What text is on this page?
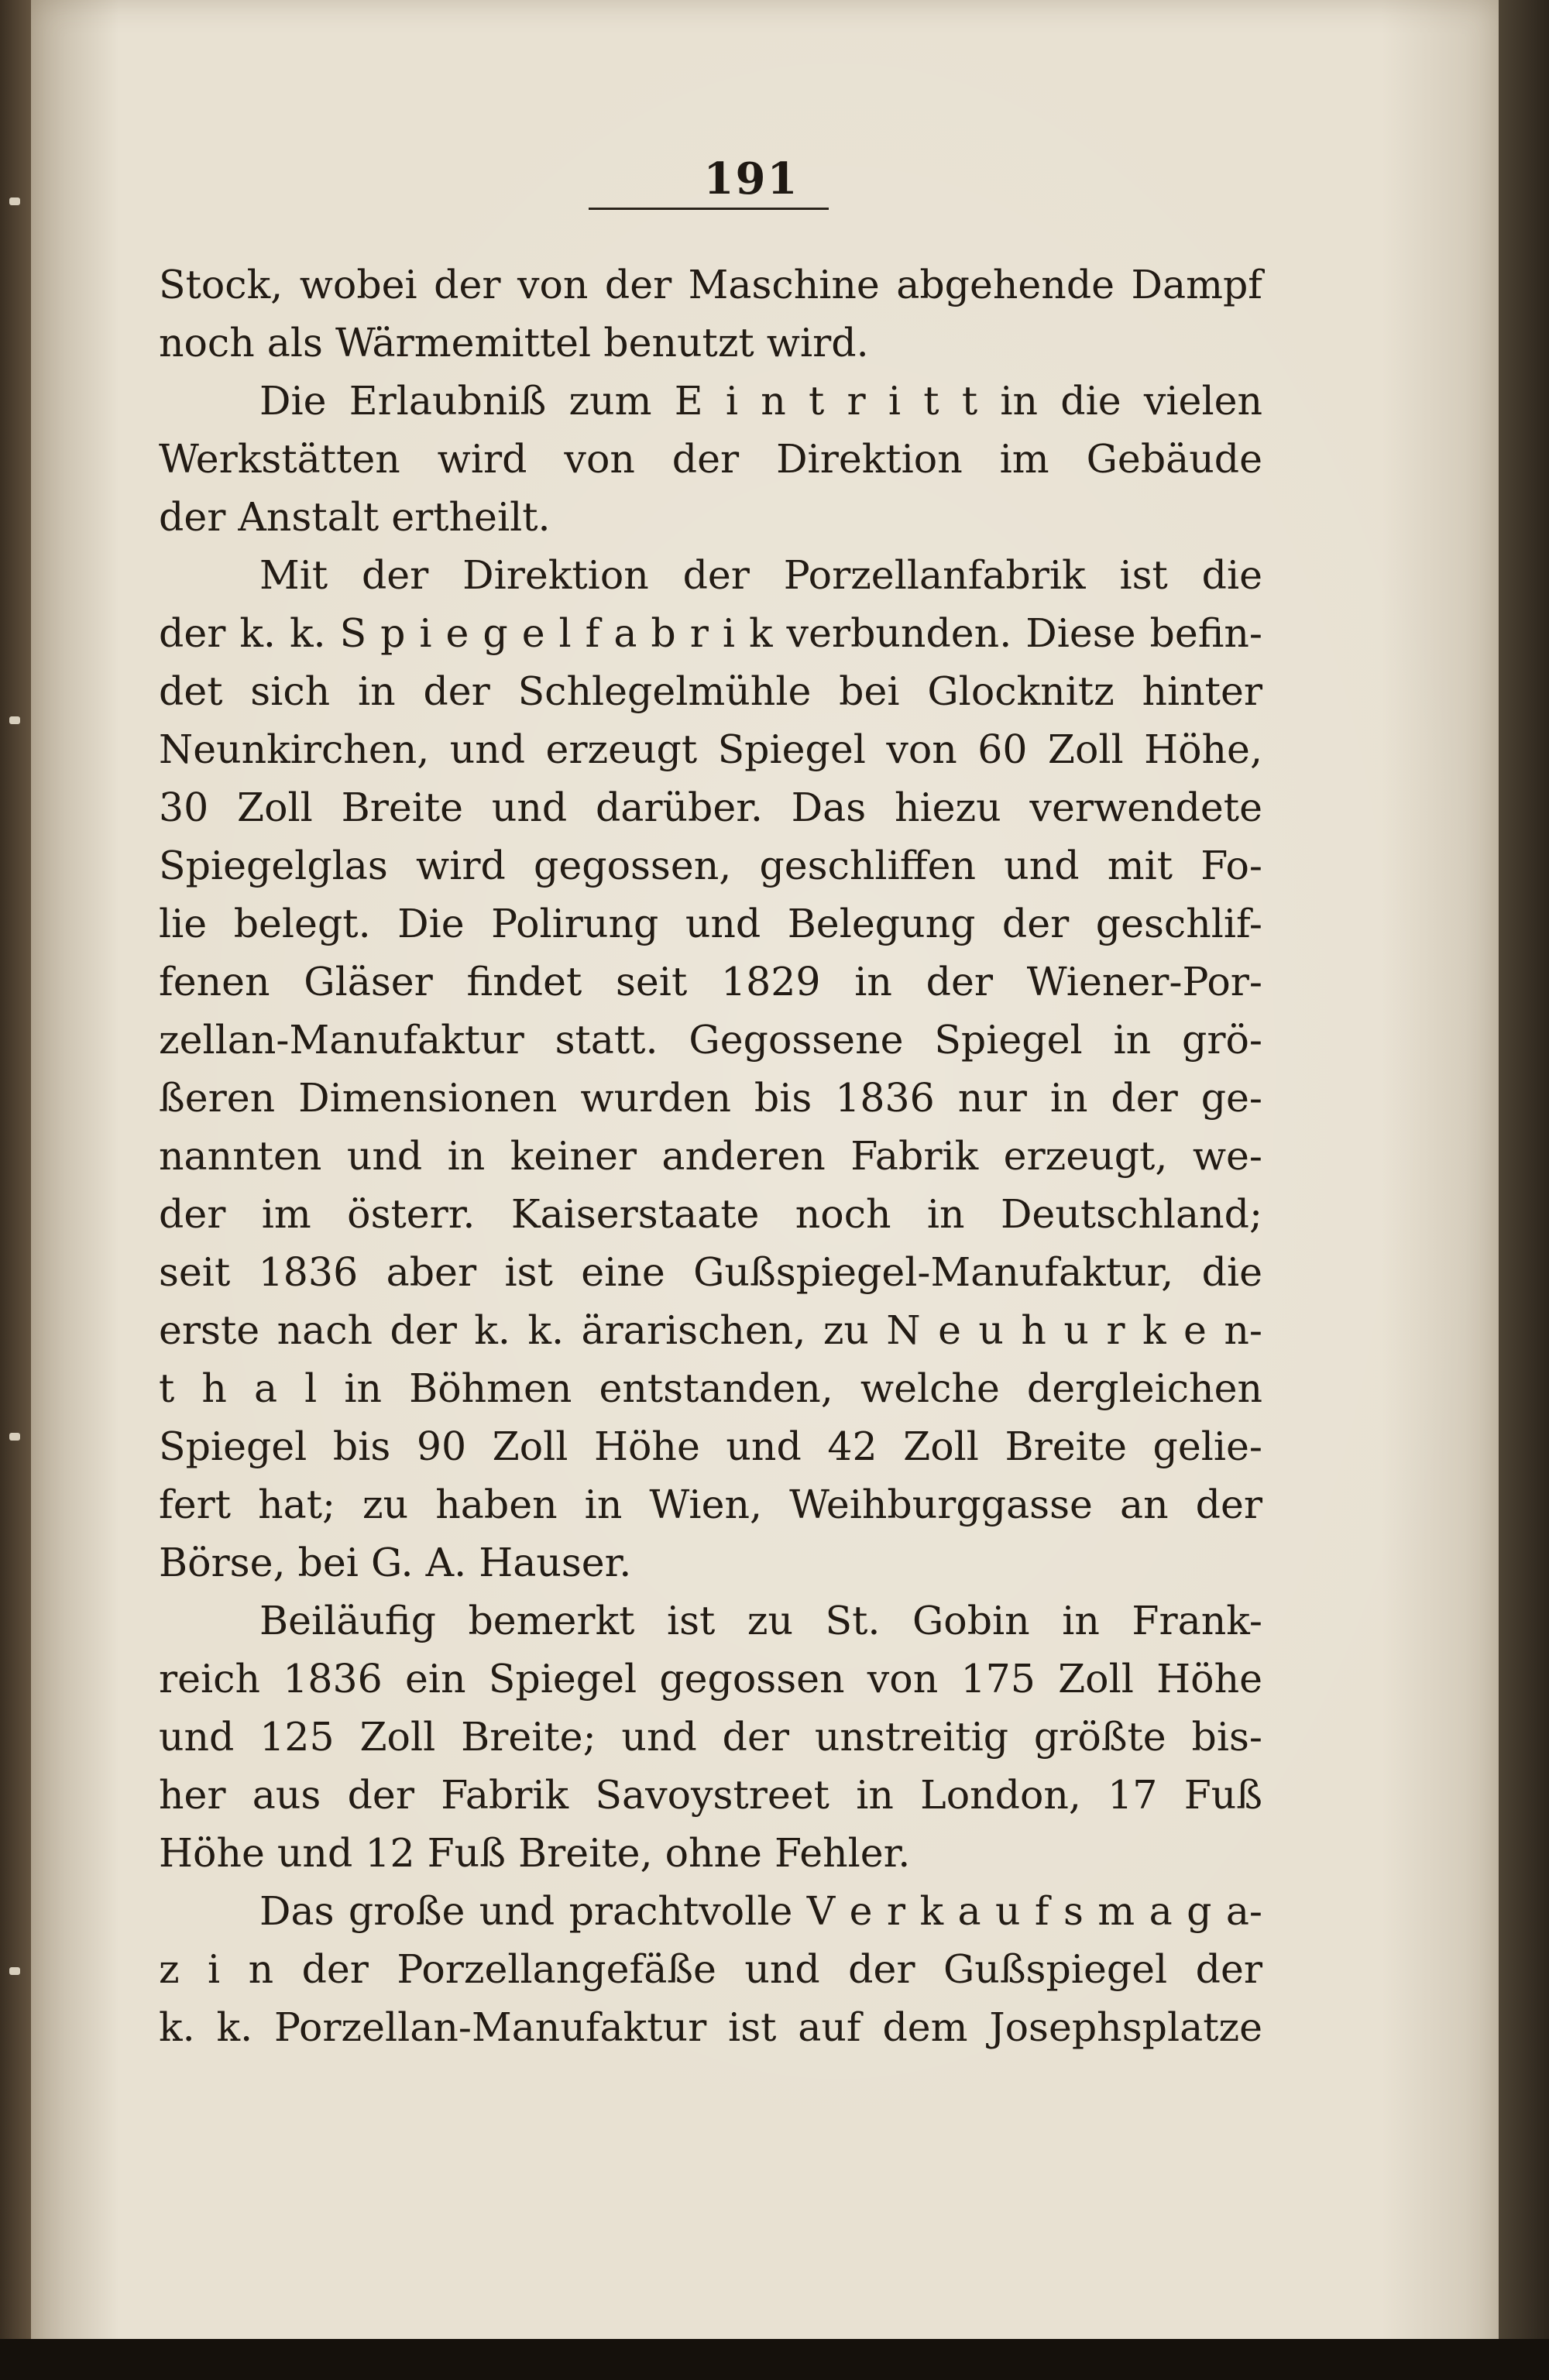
191
Stock, wobei der von der Maschine abgehende Dampf
noch als Wärmemittel benutzt wird.
Die Erlaubniß zum E i n t r i t t in die vielen
Werkstätten wird von der Direktion im Gebäude
der Anstalt ertheilt.
Mit der Direktion der Porzellanfabrik ist die
der k. k. S p i e g e l f a b r i k verbunden. Diese befin-
det sich in der Schlegelmühle bei Glocknitz hinter
Neunkirchen, und erzeugt Spiegel von 60 Zoll Höhe,
30 Zoll Breite und darüber. Das hiezu verwendete
Spiegelglas wird gegossen, geschliffen und mit Fo-
lie belegt. Die Polirung und Belegung der geschlif-
fenen Gläser findet seit 1829 in der Wiener-Por-
zellan-Manufaktur statt. Gegossene Spiegel in grö-
ßeren Dimensionen wurden bis 1836 nur in der ge-
nannten und in keiner anderen Fabrik erzeugt, we-
der im österr. Kaiserstaate noch in Deutschland;
seit 1836 aber ist eine Gußspiegel-Manufaktur, die
erste nach der k. k. ärarischen, zu N e u h u r k e n-
t h a l in Böhmen entstanden, welche dergleichen
Spiegel bis 90 Zoll Höhe und 42 Zoll Breite gelie-
fert hat; zu haben in Wien, Weihburggasse an der
Börse, bei G. A. Hauser.
Beiläufig bemerkt ist zu St. Gobin in Frank-
reich 1836 ein Spiegel gegossen von 175 Zoll Höhe
und 125 Zoll Breite; und der unstreitig größte bis-
her aus der Fabrik Savoystreet in London, 17 Fuß
Höhe und 12 Fuß Breite, ohne Fehler.
Das große und prachtvolle V e r k a u f s m a g a-
z i n der Porzellangefäße und der Gußspiegel der
k. k. Porzellan-Manufaktur ist auf dem Josephsplatze
